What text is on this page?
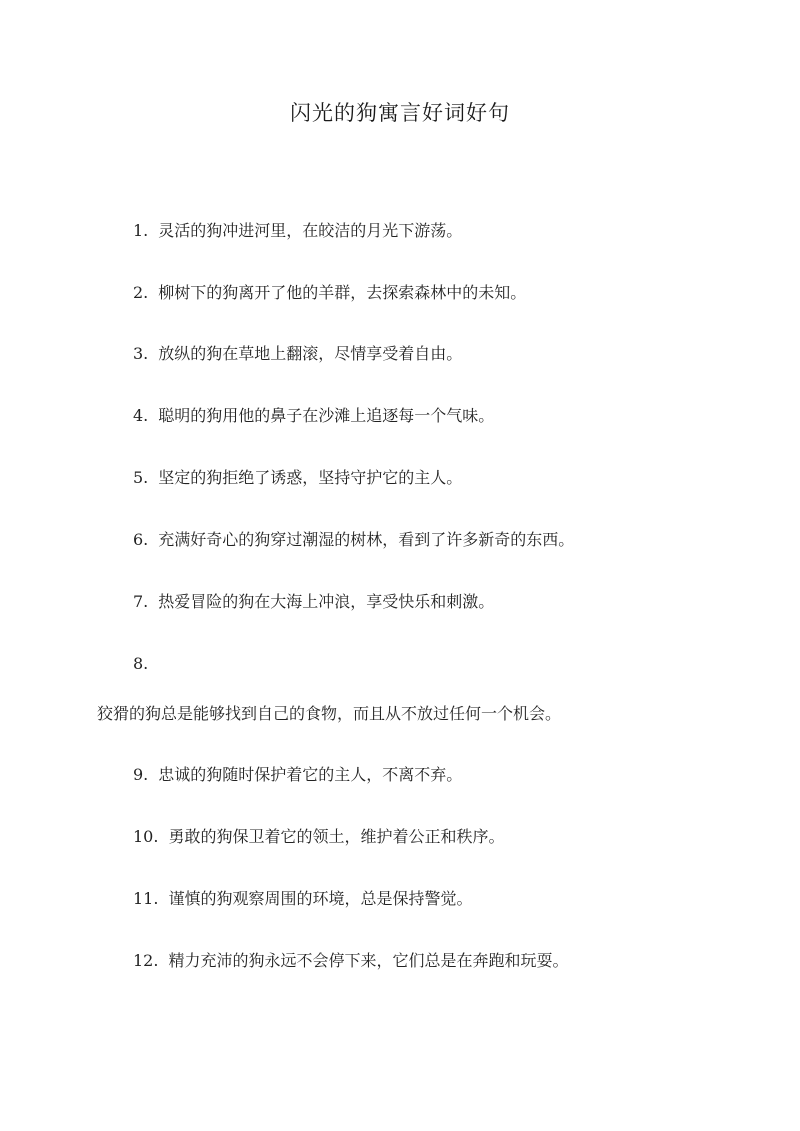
闪光的狗寓言好词好句
1. 灵活的狗冲进河里，在皎洁的月光下游荡。
2. 柳树下的狗离开了他的羊群，去探索森林中的未知。
3. 放纵的狗在草地上翻滚，尽情享受着自由。
4. 聪明的狗用他的鼻子在沙滩上追逐每一个气味。
5. 坚定的狗拒绝了诱惑，坚持守护它的主人。
6. 充满好奇心的狗穿过潮湿的树林，看到了许多新奇的东西。
7. 热爱冒险的狗在大海上冲浪，享受快乐和刺激。
8.
狡猾的狗总是能够找到自己的食物，而且从不放过任何一个机会。
9. 忠诚的狗随时保护着它的主人，不离不弃。
10. 勇敢的狗保卫着它的领土，维护着公正和秩序。
11. 谨慎的狗观察周围的环境，总是保持警觉。
12. 精力充沛的狗永远不会停下来，它们总是在奔跑和玩耍。
